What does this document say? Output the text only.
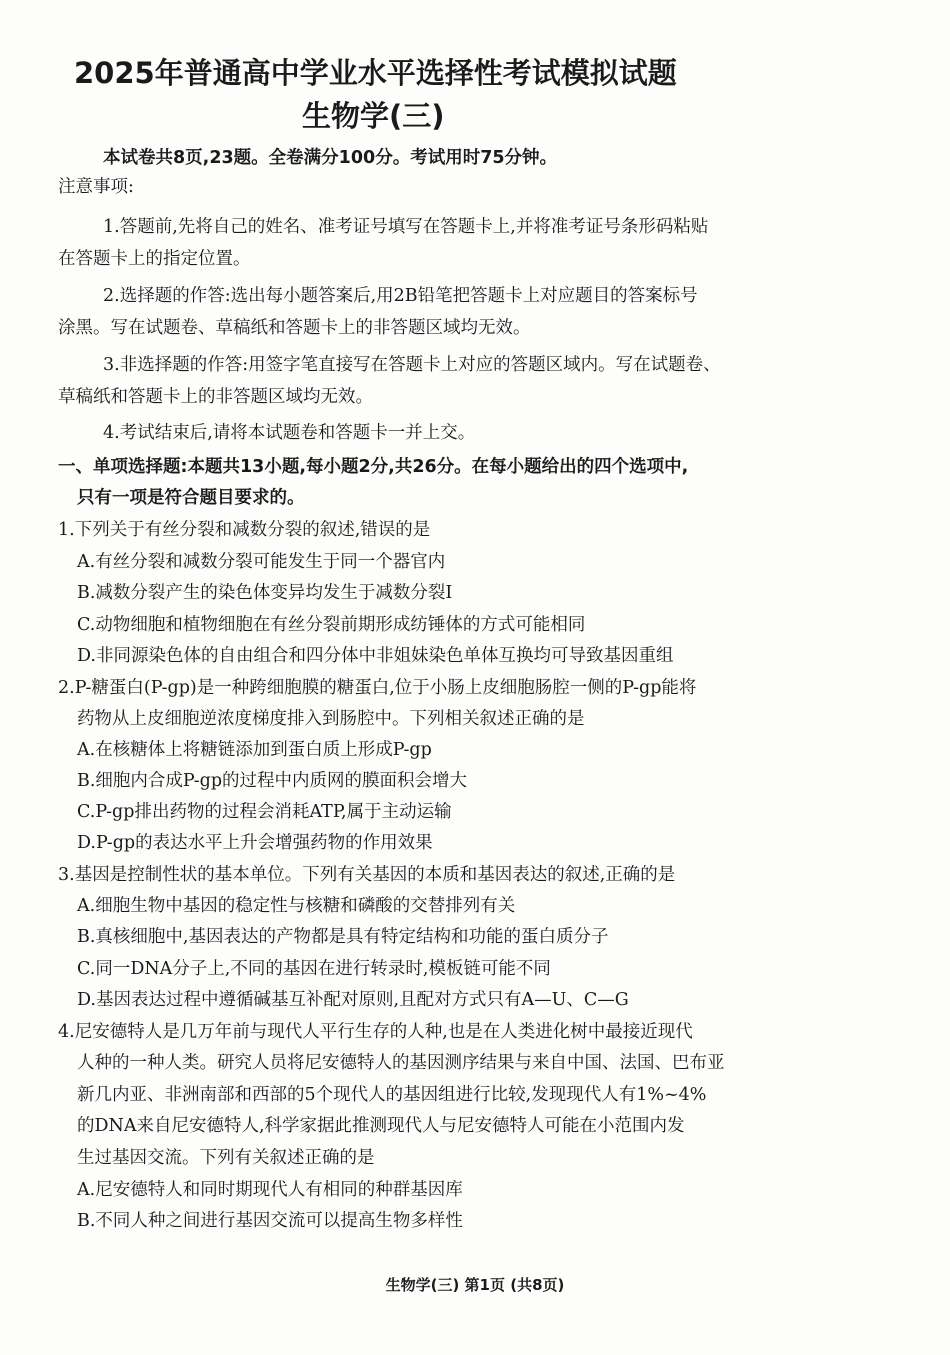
2025年普通高中学业水平选择性考试模拟试题
生物学(三)
本试卷共8页,23题。全卷满分100分。考试用时75分钟。
注意事项:
1.答题前,先将自己的姓名、准考证号填写在答题卡上,并将准考证号条形码粘贴
在答题卡上的指定位置。
2.选择题的作答:选出每小题答案后,用2B铅笔把答题卡上对应题目的答案标号
涂黑。写在试题卷、草稿纸和答题卡上的非答题区域均无效。
3.非选择题的作答:用签字笔直接写在答题卡上对应的答题区域内。写在试题卷、
草稿纸和答题卡上的非答题区域均无效。
4.考试结束后,请将本试题卷和答题卡一并上交。
一、单项选择题:本题共13小题,每小题2分,共26分。在每小题给出的四个选项中,
只有一项是符合题目要求的。
1.下列关于有丝分裂和减数分裂的叙述,错误的是
A.有丝分裂和减数分裂可能发生于同一个器官内
B.减数分裂产生的染色体变异均发生于减数分裂Ⅰ
C.动物细胞和植物细胞在有丝分裂前期形成纺锤体的方式可能相同
D.非同源染色体的自由组合和四分体中非姐妹染色单体互换均可导致基因重组
2.P-糖蛋白(P-gp)是一种跨细胞膜的糖蛋白,位于小肠上皮细胞肠腔一侧的P-gp能将
药物从上皮细胞逆浓度梯度排入到肠腔中。下列相关叙述正确的是
A.在核糖体上将糖链添加到蛋白质上形成P-gp
B.细胞内合成P-gp的过程中内质网的膜面积会增大
C.P-gp排出药物的过程会消耗ATP,属于主动运输
D.P-gp的表达水平上升会增强药物的作用效果
3.基因是控制性状的基本单位。下列有关基因的本质和基因表达的叙述,正确的是
A.细胞生物中基因的稳定性与核糖和磷酸的交替排列有关
B.真核细胞中,基因表达的产物都是具有特定结构和功能的蛋白质分子
C.同一DNA分子上,不同的基因在进行转录时,模板链可能不同
D.基因表达过程中遵循碱基互补配对原则,且配对方式只有A—U、C—G
4.尼安德特人是几万年前与现代人平行生存的人种,也是在人类进化树中最接近现代
人种的一种人类。研究人员将尼安德特人的基因测序结果与来自中国、法国、巴布亚
新几内亚、非洲南部和西部的5个现代人的基因组进行比较,发现现代人有1%~4%
的DNA来自尼安德特人,科学家据此推测现代人与尼安德特人可能在小范围内发
生过基因交流。下列有关叙述正确的是
A.尼安德特人和同时期现代人有相同的种群基因库
B.不同人种之间进行基因交流可以提高生物多样性
生物学(三) 第1页 (共8页)
